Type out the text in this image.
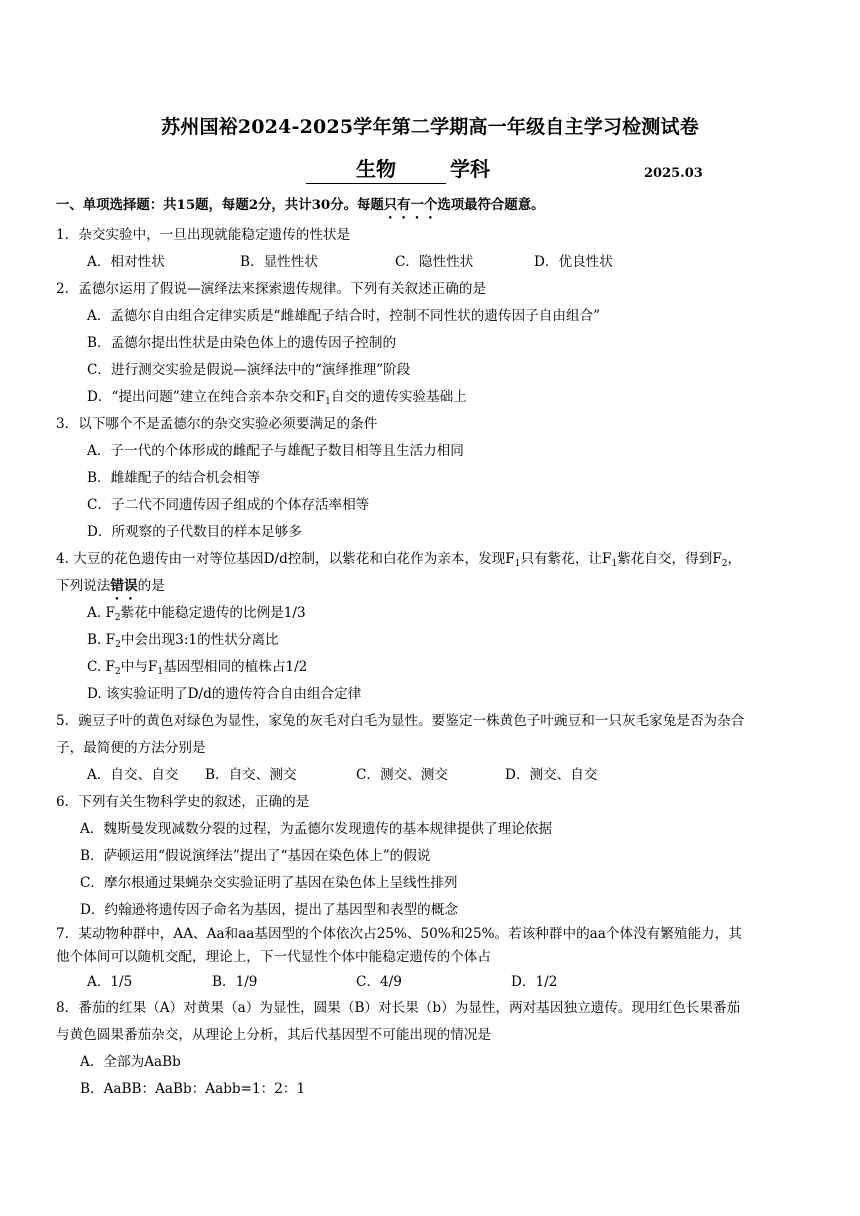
苏州国裕2024-2025学年第二学期高一年级自主学习检测试卷
生物	学科	2025.03
一、单项选择题：共15题，每题2分，共计30分。每题只有一个选项最符合题意。
1．杂交实验中，一旦出现就能稳定遗传的性状是
A．相对性状	B．显性性状	C．隐性性状	D．优良性状
2．孟德尔运用了假说—演绎法来探索遗传规律。下列有关叙述正确的是
A．孟德尔自由组合定律实质是“雌雄配子结合时，控制不同性状的遗传因子自由组合”
B．孟德尔提出性状是由染色体上的遗传因子控制的
C．进行测交实验是假说—演绎法中的“演绎推理”阶段
D．“提出问题”建立在纯合亲本杂交和$F_1$自交的遗传实验基础上
3．以下哪个不是孟德尔的杂交实验必须要满足的条件
A．子一代的个体形成的雌配子与雄配子数目相等且生活力相同
B．雌雄配子的结合机会相等
C．子二代不同遗传因子组成的个体存活率相等
D．所观察的子代数目的样本足够多
4. 大豆的花色遗传由一对等位基因D/d控制，以紫花和白花作为亲本，发现$F_1$只有紫花，让$F_1$紫花自交，得到$F_2$，
下列说法错误的是
A. $F_2$紫花中能稳定遗传的比例是1/3
B. $F_2$中会出现3:1的性状分离比
C. $F_2$中与$F_1$基因型相同的植株占1/2
D. 该实验证明了D/d的遗传符合自由组合定律
5．豌豆子叶的黄色对绿色为显性，家兔的灰毛对白毛为显性。要鉴定一株黄色子叶豌豆和一只灰毛家兔是否为杂合
子，最简便的方法分别是
A．自交、自交 B．自交、测交	C．测交、测交	D．测交、自交
6．下列有关生物科学史的叙述，正确的是
A．魏斯曼发现减数分裂的过程，为孟德尔发现遗传的基本规律提供了理论依据
B．萨顿运用“假说演绎法”提出了“基因在染色体上”的假说
C．摩尔根通过果蝇杂交实验证明了基因在染色体上呈线性排列
D．约翰逊将遗传因子命名为基因，提出了基因型和表型的概念
7．某动物种群中，AA、Aa和aa基因型的个体依次占25%、50%和25%。若该种群中的aa个体没有繁殖能力，其
他个体间可以随机交配，理论上，下一代显性个体中能稳定遗传的个体占
A．1/5	B．1/9	C．4/9	D．1/2
8．番茄的红果（A）对黄果（a）为显性，圆果（B）对长果（b）为显性，两对基因独立遗传。现用红色长果番茄
与黄色圆果番茄杂交，从理论上分析，其后代基因型不可能出现的情况是
A．全部为AaBb
B．AaBB：AaBb：Aabb=1：2：1
